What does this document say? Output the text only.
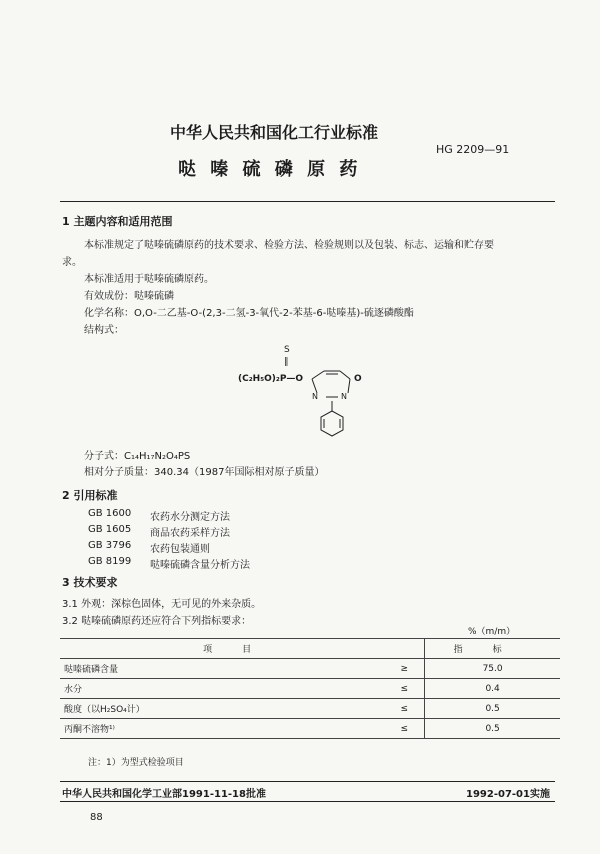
中华人民共和国化工行业标准
哒 嗪 硫 磷 原 药
HG 2209—91
1 主题内容和适用范围
本标准规定了哒嗪硫磷原药的技术要求、检验方法、检验规则以及包装、标志、运输和贮存要
求。
本标准适用于哒嗪硫磷原药。
有效成份：哒嗪硫磷
化学名称：O,O-二乙基-O-(2,3-二氢-3-氧代-2-苯基-6-哒嗪基)-硫逐磷酸酯
结构式：
S
‖
(C₂H₅O)₂P—O	O
N	N
分子式：C₁₄H₁₇N₂O₄PS
相对分子质量：340.34（1987年国际相对原子质量）
2 引用标准
GB 1600 农药水分测定方法
GB 1605 商品农药采样方法
GB 3796 农药包装通则
GB 8199 哒嗪硫磷含量分析方法
3 技术要求
3.1 外观：深棕色固体，无可见的外来杂质。
3.2 哒嗪硫磷原药还应符合下列指标要求：
%（m/m）
项目		指标
哒嗪硫磷含量	≥	75.0
水分	≤	0.4
酸度（以H₂SO₄计）	≤	0.5
丙酮不溶物¹⁾	≤	0.5
注：1）为型式检验项目
中华人民共和国化学工业部1991-11-18批准	1992-07-01实施
88
